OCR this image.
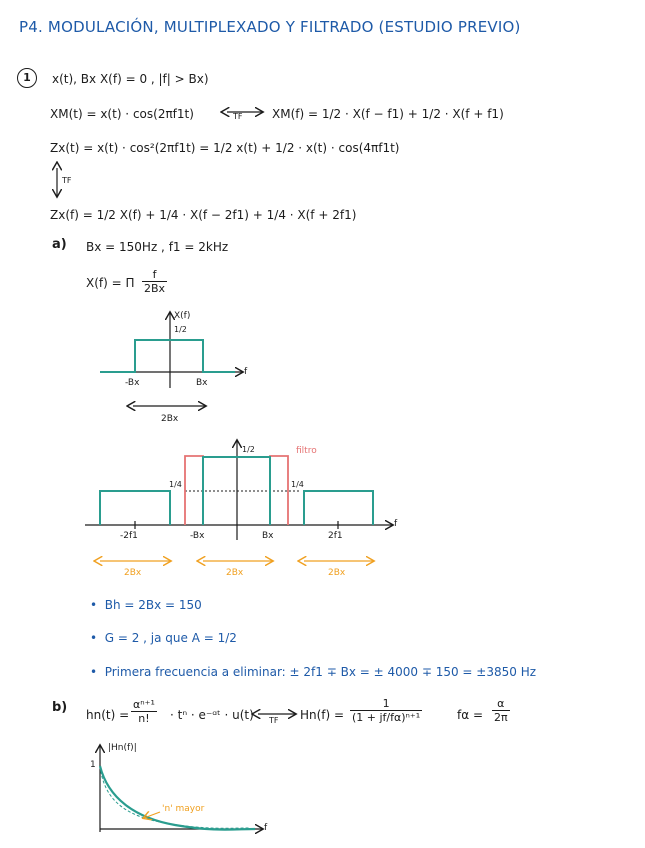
P4. MODULACIÓN, MULTIPLEXADO Y FILTRADO (ESTUDIO PREVIO)
1	x(t), Bx X(f) = 0 , |f| > Bx)
XM(t) = x(t) · cos(2πf1t)	TF XM(f) = 1/2 · X(f − f1) + 1/2 · X(f + f1)
Zx(t) = x(t) · cos²(2πf1t) = 1/2 x(t) + 1/2 · x(t) · cos(4πf1t)
TF
Zx(f) = 1/2 X(f) + 1/4 · X(f − 2f1) + 1/4 · X(f + 2f1)
a) Bx = 150Hz , f1 = 2kHz
X(f) = Π $\frac{f}{2Bx}$
X(f)
1/2
f
-Bx	Bx
2Bx
1/2	filtro
1/4	1/4
f
-2f1	-Bx	Bx	2f1
2Bx	2Bx	2Bx
•  Bh = 2Bx = 150
•  G = 2 , ja que A = 1/2
•  Primera frecuencia a eliminar: ± 2f1 ∓ Bx = ± 4000 ∓ 150 = ±3850 Hz
b) $hn(t) = \frac{\text{αⁿ⁺¹}}{n!} \cdot t^n$ · e⁻ᵅᵗ · u(t) TF $Hn(f) = \frac{1}{\text{(1 + jf/fα)ⁿ⁺¹}}$	$f\alpha = \frac{\alpha}{2\pi}$
|Hn(f)|
1
'n' mayor
f
